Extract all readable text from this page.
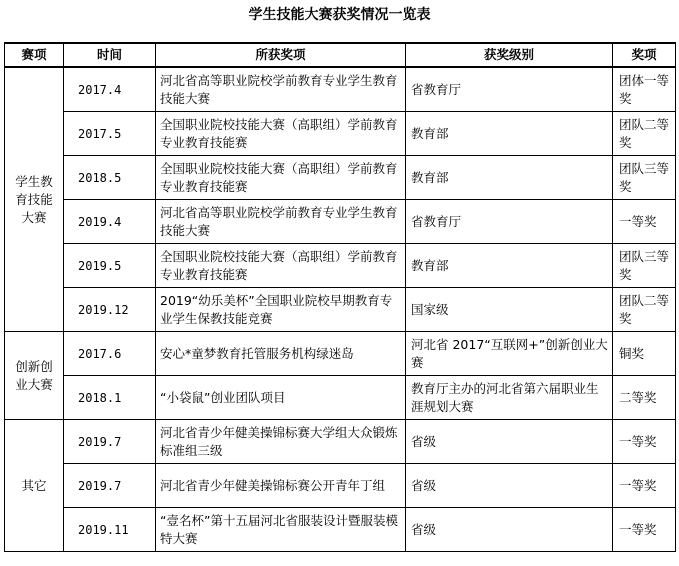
学生技能大赛获奖情况一览表
赛项	时间	所获奖项	获奖级别	奖项
学生教育技能大赛	2017.4	河北省高等职业院校学前教育专业学生教育技能大赛	省教育厅	团体一等奖
	2017.5	全国职业院校技能大赛（高职组）学前教育专业教育技能赛	教育部	团队二等奖
	2018.5	全国职业院校技能大赛（高职组）学前教育专业教育技能赛	教育部	团队三等奖
	2019.4	河北省高等职业院校学前教育专业学生教育技能大赛	省教育厅	一等奖
	2019.5	全国职业院校技能大赛（高职组）学前教育专业教育技能赛	教育部	团队三等奖
	2019.12	2019“幼乐美杯”全国职业院校早期教育专业学生保教技能竞赛	国家级	团队二等奖
创新创业大赛	2017.6	安心*童梦教育托管服务机构绿迷岛	河北省 2017“互联网+”创新创业大赛	铜奖
	2018.1	“小袋鼠”创业团队项目	教育厅主办的河北省第六届职业生涯规划大赛	二等奖
其它	2019.7	河北省青少年健美操锦标赛大学组大众锻炼标准组三级	省级	一等奖
	2019.7	河北省青少年健美操锦标赛公开青年丁组	省级	一等奖
	2019.11	“壹名杯”第十五届河北省服装设计暨服装模特大赛	省级	一等奖
